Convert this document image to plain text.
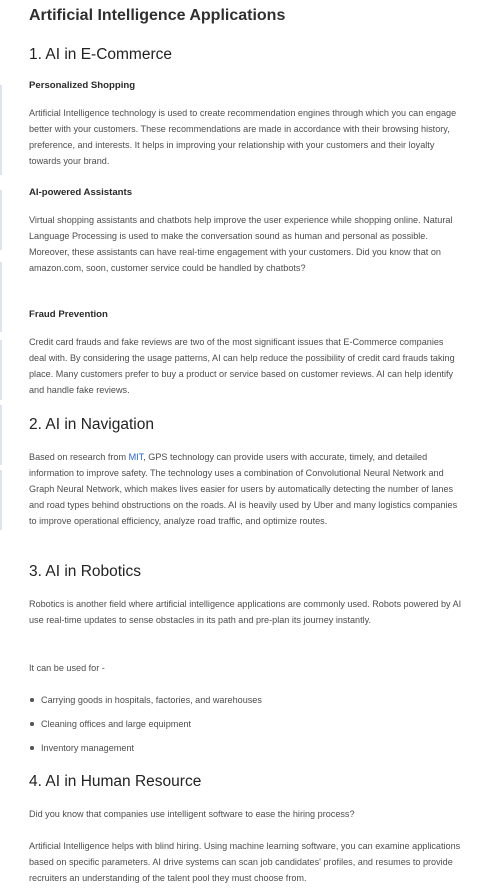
Artificial Intelligence Applications
1. AI in E-Commerce
Personalized Shopping

Artificial Intelligence technology is used to create recommendation engines through which you can engage better with your customers. These recommendations are made in accordance with their browsing history, preference, and interests. It helps in improving your relationship with your customers and their loyalty towards your brand.

AI-powered Assistants

Virtual shopping assistants and chatbots help improve the user experience while shopping online. Natural Language Processing is used to make the conversation sound as human and personal as possible. Moreover, these assistants can have real-time engagement with your customers. Did you know that on amazon.com, soon, customer service could be handled by chatbots?

Fraud Prevention

Credit card frauds and fake reviews are two of the most significant issues that E-Commerce companies deal with. By considering the usage patterns, AI can help reduce the possibility of credit card frauds taking place. Many customers prefer to buy a product or service based on customer reviews. AI can help identify and handle fake reviews.

2. AI in Navigation

Based on research from MIT, GPS technology can provide users with accurate, timely, and detailed information to improve safety. The technology uses a combination of Convolutional Neural Network and Graph Neural Network, which makes lives easier for users by automatically detecting the number of lanes and road types behind obstructions on the roads. AI is heavily used by Uber and many logistics companies to improve operational efficiency, analyze road traffic, and optimize routes.

3. AI in Robotics

Robotics is another field where artificial intelligence applications are commonly used. Robots powered by AI use real-time updates to sense obstacles in its path and pre-plan its journey instantly.

It can be used for -

Carrying goods in hospitals, factories, and warehouses
Cleaning offices and large equipment
Inventory management
4. AI in Human Resource

Did you know that companies use intelligent software to ease the hiring process?

Artificial Intelligence helps with blind hiring. Using machine learning software, you can examine applications based on specific parameters. AI drive systems can scan job candidates' profiles, and resumes to provide recruiters an understanding of the talent pool they must choose from.
